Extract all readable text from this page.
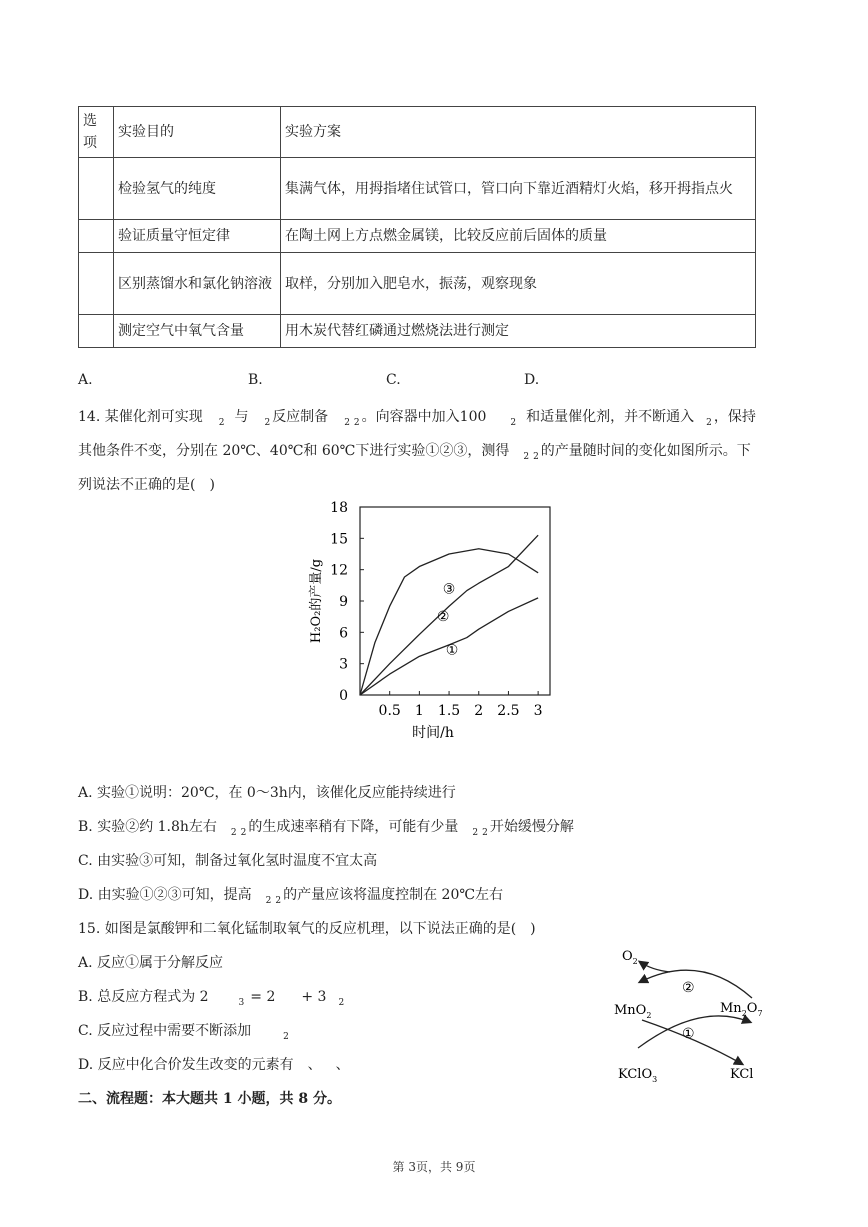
选项	实验目的	实验方案
	检验氢气的纯度	集满气体，用拇指堵住试管口，管口向下靠近酒精灯火焰，移开拇指点火
	验证质量守恒定律	在陶土网上方点燃金属镁，比较反应前后固体的质量
	区别蒸馏水和氯化钠溶液	取样，分别加入肥皂水，振荡，观察现象
	测定空气中氧气含量	用木炭代替红磷通过燃烧法进行测定
A.	B.	C.	D.
14. 某催化剂可实现 $_2$ 与 $_2$ 反应制备 $_2$ $_2$ 。向容器中加入100	$_2$ 和适量催化剂，并不断通入 $_2$ ，保持
其他条件不变，分别在 20℃、40℃和 60℃下进行实验①②③，测得 $_2$ $_2$ 的产量随时间的变化如图所示。下
列说法不正确的是(　)
0
3
6
9
12
15
18
0.5 1 1.5 2 2.5 3
时间/h
H₂O₂的产量/g
①
②
③
A. 实验①说明：20℃，在 0～3h内，该催化反应能持续进行
B. 实验②约 1.8h左右 $_2$ $_2$ 的生成速率稍有下降，可能有少量 $_2$ $_2$ 开始缓慢分解
C. 由实验③可知，制备过氧化氢时温度不宜太高
D. 由实验①②③可知，提高 $_2$ $_2$ 的产量应该将温度控制在 20℃左右
15. 如图是氯酸钾和二氧化锰制取氧气的反应机理，以下说法正确的是(　)
A. 反应①属于分解反应
B. 总反应方程式为 2	$_3$ = 2 + 3 $_2$
C. 反应过程中需要不断添加	$_2$
D. 反应中化合价发生改变的元素有 、 、
$O_2$
MnO$_2$	$Mn_2O_7$
KClO$_3$	KCl
②
①
二、流程题：本大题共 1 小题，共 8 分。
第 3页，共 9页
